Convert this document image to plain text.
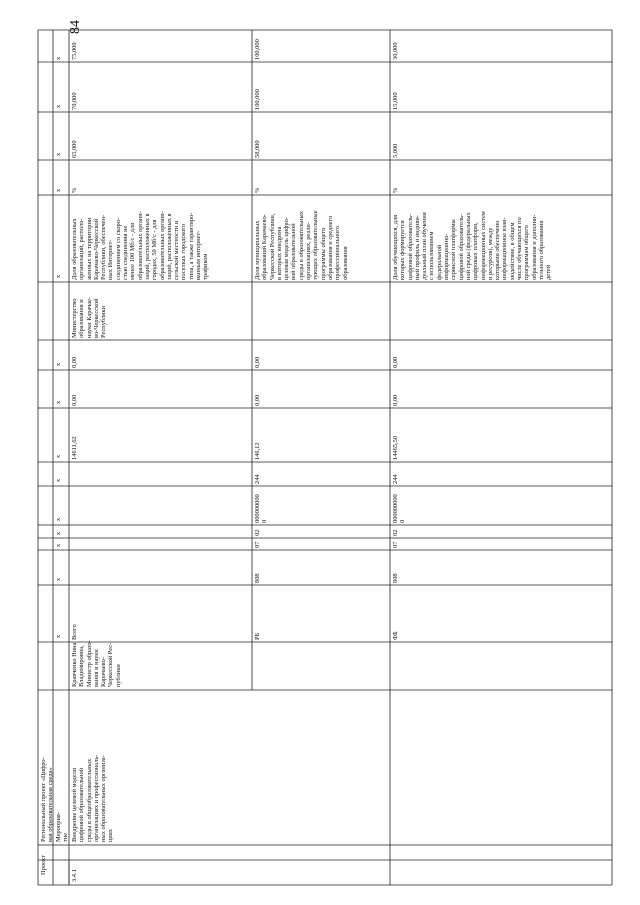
84
х
х
х
х
х
х
х
х
х
х
х
х
х
х
Мероприя-
тие
Проект
Региональный проект «Цифро-
вая образовательная среда»
Внедрение целевой модели
цифровой образовательной
среды в общеобразовательных
организациях и профессиональ-
ных образовательных организа-
циях
Кравченко Нина
Владимировна,
Министр образо-
вания и науки
Карачаево-
Черкесской Рес-
публики
3.4.1
Всего
14611,62
0,00
0,00
Министерство
образования и
науки Карачае-
во-Черкесской
Республики
Доля образовательных
организаций, располо-
женных на территории
Карачаево-Черкесской
Республики, обеспечен-
ных Интернет-
соединением со скоро-
стью соединения не
менее 100 Мб/с - для
образовательных органи-
заций, расположенных в
городах, 50 Мб/с - для
образовательных органи-
заций, расположенных в
сельской местности и
поселках городского
типа, а также гарантиро-
ванным интернет-
трафиком
%
65,000
70,000
75,000
РБ
808
07
02
000000000
0
244
146,12
0,00
0,00
Доля муниципальных
образований Карачаево-
Черкесской Республики,
в которых внедрена
целевая модель цифро-
вой образовательной
среды в образовательных
организациях, реали-
зующих образовательные
программы общего
образования и среднего
профессионального
образования
%
58,000
100,000
100,000
ФБ
808
07
02
000000000
0
244
14465,50
0,00
0,00
Доля обучающихся, для
которых формируется
цифровой образователь-
ный профиль и индиви-
дуальный план обучения
с использованием
федеральной
информационно-
сервисной платформы
цифровой образователь-
ной среды (федеральных
цифровых платформ,
информационных систем
и ресурсов), между
которыми обеспечено
информационное взаи-
модействие, в общем
числе обучающихся по
программам общего
образования и дополни-
тельного образования
детей
%
5,000
15,000
30,000
